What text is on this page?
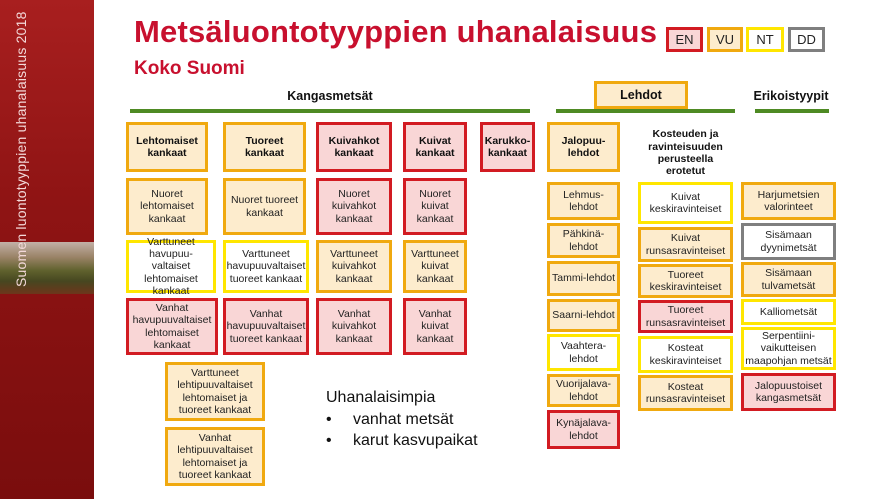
Suomen luontotyyppien uhanalaisuus 2018	Metsäluontotyyppien uhanalaisuus
Koko Suomi
EN	VU	NT	DD
Kangasmetsät	Lehdot	Erikoistyypit
Lehtomaiset kankaat
Tuoreet kankaat
Kuivahkot kankaat
Kuivat kankaat
Karukko-kankaat
Nuoret lehtomaiset kankaat
Nuoret tuoreet kankaat
Nuoret kuivahkot kankaat
Nuoret kuivat kankaat
Varttuneet havupuu-valtaiset lehtomaiset kankaat
Varttuneet havupuuvaltaiset tuoreet kankaat
Varttuneet kuivahkot kankaat
Varttuneet kuivat kankaat
Vanhat havupuuvaltaiset lehtomaiset kankaat
Vanhat havupuuvaltaiset tuoreet kankaat
Vanhat kuivahkot kankaat
Vanhat kuivat kankaat
Varttuneet lehtipuuvaltaiset lehtomaiset ja tuoreet kankaat
Vanhat lehtipuuvaltaiset lehtomaiset ja tuoreet kankaat
Jalopuu-lehdot
Lehmus-lehdot
Pähkinä-lehdot
Tammi-lehdot
Saarni-lehdot
Vaahtera-lehdot
Vuorijalava-lehdot
Kynäjalava-lehdot
Kosteuden ja ravinteisuuden perusteella erotetut
Kuivat keskiravinteiset
Kuivat runsasravinteiset
Tuoreet keskiravinteiset
Tuoreet runsasravinteiset
Kosteat keskiravinteiset
Kosteat runsasravinteiset
Harjumetsien valorinteet
Sisämaan dyynimetsät
Sisämaan tulvametsät
Kalliometsät
Serpentiini-vaikutteisen maapohjan metsät
Jalopuustoiset kangasmetsät
Uhanalaisimpia
• vanhat metsät
• karut kasvupaikat
